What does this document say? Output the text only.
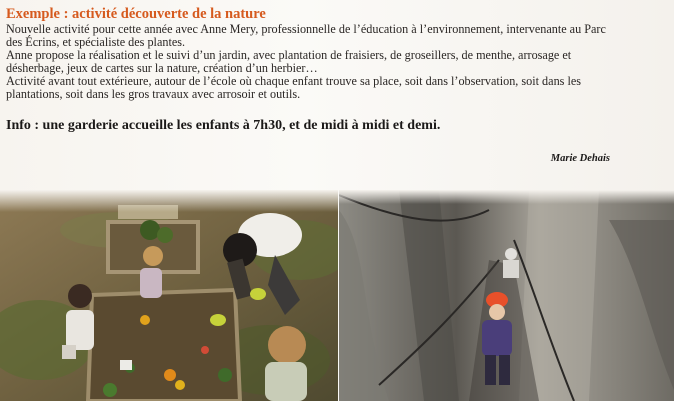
Exemple : activité découverte de la nature

Nouvelle activité pour cette année avec Anne Mery, professionnelle de l’éducation à l’environnement, intervenante au Parc des Écrins, et spécialiste des plantes.

Anne propose la réalisation et le suivi d’un jardin, avec plantation de fraisiers, de groseillers, de menthe, arrosage et désherbage, jeux de cartes sur la nature, création d’un herbier…

Activité avant tout extérieure, autour de l’école où chaque enfant trouve sa place, soit dans l’observation, soit dans les plantations, soit dans les gros travaux avec arrosoir et outils.

Info : une garderie accueille les enfants à 7h30, et de midi à midi et demi.
Marie Dehais
